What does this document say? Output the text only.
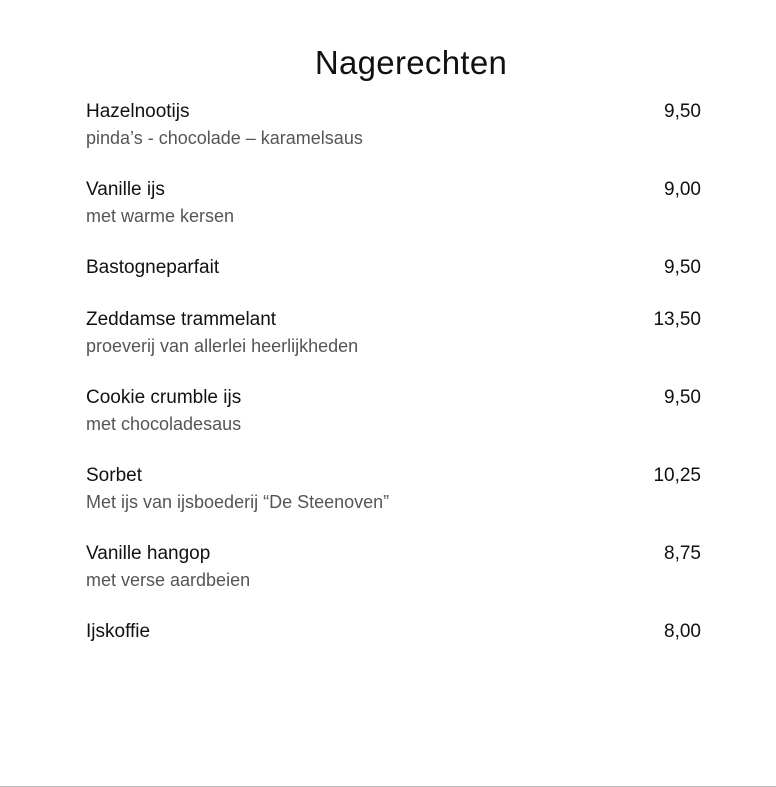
Nagerechten
Hazelnootijs
pinda’s - chocolade – karamelsaus
9,50
Vanille ijs
met warme kersen
9,00
Bastogneparfait	9,50
Zeddamse trammelant
proeverij van allerlei heerlijkheden
13,50
Cookie crumble ijs
met chocoladesaus
9,50
Sorbet
Met ijs van ijsboederij “De Steenoven”
10,25
Vanille hangop
met verse aardbeien
8,75
Ijskoffie	8,00
